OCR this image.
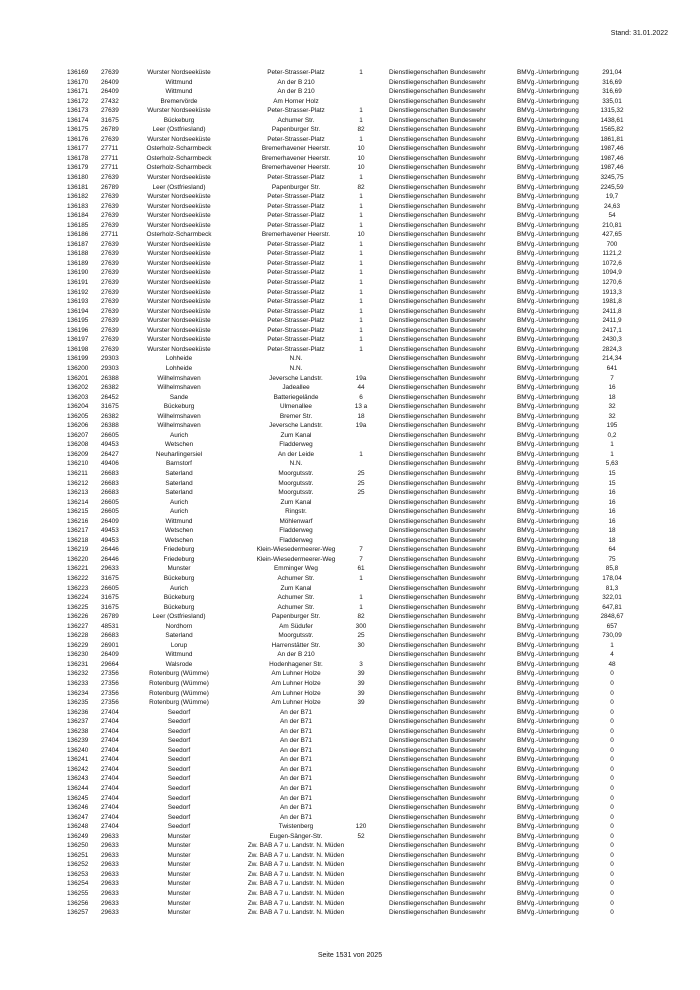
Stand: 31.01.2022
136169 27639	Wurster Nordseeküste	Peter-Strasser-Platz	1	Dienstliegenschaften Bundeswehr	BMVg.-Unterbringung	291,04
136170 26409	Wittmund	An der B 210	Dienstliegenschaften Bundeswehr	BMVg.-Unterbringung	316,69
136171 26409	Wittmund	An der B 210	Dienstliegenschaften Bundeswehr	BMVg.-Unterbringung	316,69
136172 27432	Bremervörde	Am Horner Holz	Dienstliegenschaften Bundeswehr	BMVg.-Unterbringung	335,01
136173 27639	Wurster Nordseeküste	Peter-Strasser-Platz	1	Dienstliegenschaften Bundeswehr	BMVg.-Unterbringung	1315,32
136174 31675	Bückeburg	Achumer Str.	1	Dienstliegenschaften Bundeswehr	BMVg.-Unterbringung	1438,61
136175 26789	Leer (Ostfriesland)	Papenburger Str.	82	Dienstliegenschaften Bundeswehr	BMVg.-Unterbringung	1565,82
136176 27639	Wurster Nordseeküste	Peter-Strasser-Platz	1	Dienstliegenschaften Bundeswehr	BMVg.-Unterbringung	1861,81
136177 27711	Osterholz-Scharmbeck	Bremerhavener Heerstr.	10	Dienstliegenschaften Bundeswehr	BMVg.-Unterbringung	1987,46
136178 27711	Osterholz-Scharmbeck	Bremerhavener Heerstr.	10	Dienstliegenschaften Bundeswehr	BMVg.-Unterbringung	1987,46
136179 27711	Osterholz-Scharmbeck	Bremerhavener Heerstr.	10	Dienstliegenschaften Bundeswehr	BMVg.-Unterbringung	1987,46
136180 27639	Wurster Nordseeküste	Peter-Strasser-Platz	1	Dienstliegenschaften Bundeswehr	BMVg.-Unterbringung	3245,75
136181 26789	Leer (Ostfriesland)	Papenburger Str.	82	Dienstliegenschaften Bundeswehr	BMVg.-Unterbringung	2245,59
136182 27639	Wurster Nordseeküste	Peter-Strasser-Platz	1	Dienstliegenschaften Bundeswehr	BMVg.-Unterbringung	19,7
136183 27639	Wurster Nordseeküste	Peter-Strasser-Platz	1	Dienstliegenschaften Bundeswehr	BMVg.-Unterbringung	24,63
136184 27639	Wurster Nordseeküste	Peter-Strasser-Platz	1	Dienstliegenschaften Bundeswehr	BMVg.-Unterbringung	54
136185 27639	Wurster Nordseeküste	Peter-Strasser-Platz	1	Dienstliegenschaften Bundeswehr	BMVg.-Unterbringung	210,81
136186 27711	Osterholz-Scharmbeck	Bremerhavener Heerstr.	10	Dienstliegenschaften Bundeswehr	BMVg.-Unterbringung	427,65
136187 27639	Wurster Nordseeküste	Peter-Strasser-Platz	1	Dienstliegenschaften Bundeswehr	BMVg.-Unterbringung	700
136188 27639	Wurster Nordseeküste	Peter-Strasser-Platz	1	Dienstliegenschaften Bundeswehr	BMVg.-Unterbringung	1121,2
136189 27639	Wurster Nordseeküste	Peter-Strasser-Platz	1	Dienstliegenschaften Bundeswehr	BMVg.-Unterbringung	1072,6
136190 27639	Wurster Nordseeküste	Peter-Strasser-Platz	1	Dienstliegenschaften Bundeswehr	BMVg.-Unterbringung	1094,9
136191 27639	Wurster Nordseeküste	Peter-Strasser-Platz	1	Dienstliegenschaften Bundeswehr	BMVg.-Unterbringung	1270,6
136192 27639	Wurster Nordseeküste	Peter-Strasser-Platz	1	Dienstliegenschaften Bundeswehr	BMVg.-Unterbringung	1913,3
136193 27639	Wurster Nordseeküste	Peter-Strasser-Platz	1	Dienstliegenschaften Bundeswehr	BMVg.-Unterbringung	1981,8
136194 27639	Wurster Nordseeküste	Peter-Strasser-Platz	1	Dienstliegenschaften Bundeswehr	BMVg.-Unterbringung	2411,8
136195 27639	Wurster Nordseeküste	Peter-Strasser-Platz	1	Dienstliegenschaften Bundeswehr	BMVg.-Unterbringung	2411,9
136196 27639	Wurster Nordseeküste	Peter-Strasser-Platz	1	Dienstliegenschaften Bundeswehr	BMVg.-Unterbringung	2417,1
136197 27639	Wurster Nordseeküste	Peter-Strasser-Platz	1	Dienstliegenschaften Bundeswehr	BMVg.-Unterbringung	2430,3
136198 27639	Wurster Nordseeküste	Peter-Strasser-Platz	1	Dienstliegenschaften Bundeswehr	BMVg.-Unterbringung	2824,3
136199 29303	Lohheide	N.N.	Dienstliegenschaften Bundeswehr	BMVg.-Unterbringung	214,34
136200 29303	Lohheide	N.N.	Dienstliegenschaften Bundeswehr	BMVg.-Unterbringung	641
136201 26388	Wilhelmshaven	Jeversche Landstr.	19a	Dienstliegenschaften Bundeswehr	BMVg.-Unterbringung	7
136202 26382	Wilhelmshaven	Jadeallee	44	Dienstliegenschaften Bundeswehr	BMVg.-Unterbringung	16
136203 26452	Sande	Batteriegelände	6	Dienstliegenschaften Bundeswehr	BMVg.-Unterbringung	18
136204 31675	Bückeburg	Ulmenallee	13 a	Dienstliegenschaften Bundeswehr	BMVg.-Unterbringung	32
136205 26382	Wilhelmshaven	Bremer Str.	18	Dienstliegenschaften Bundeswehr	BMVg.-Unterbringung	32
136206 26388	Wilhelmshaven	Jeversche Landstr.	19a	Dienstliegenschaften Bundeswehr	BMVg.-Unterbringung	195
136207 26605	Aurich	Zum Kanal	Dienstliegenschaften Bundeswehr	BMVg.-Unterbringung	0,2
136208 49453	Wetschen	Fladderweg	Dienstliegenschaften Bundeswehr	BMVg.-Unterbringung	1
136209 26427	Neuharlingersiel	An der Leide	1	Dienstliegenschaften Bundeswehr	BMVg.-Unterbringung	1
136210 49406	Barnstorf	N.N.	Dienstliegenschaften Bundeswehr	BMVg.-Unterbringung	5,63
136211 26683	Saterland	Moorgutsstr.	25	Dienstliegenschaften Bundeswehr	BMVg.-Unterbringung	15
136212 26683	Saterland	Moorgutsstr.	25	Dienstliegenschaften Bundeswehr	BMVg.-Unterbringung	15
136213 26683	Saterland	Moorgutsstr.	25	Dienstliegenschaften Bundeswehr	BMVg.-Unterbringung	16
136214 26605	Aurich	Zum Kanal	Dienstliegenschaften Bundeswehr	BMVg.-Unterbringung	16
136215 26605	Aurich	Ringstr.	Dienstliegenschaften Bundeswehr	BMVg.-Unterbringung	16
136216 26409	Wittmund	Möhlenwarf	Dienstliegenschaften Bundeswehr	BMVg.-Unterbringung	16
136217 49453	Wetschen	Fladderweg	Dienstliegenschaften Bundeswehr	BMVg.-Unterbringung	18
136218 49453	Wetschen	Fladderweg	Dienstliegenschaften Bundeswehr	BMVg.-Unterbringung	18
136219 26446	Friedeburg	Klein-Wiesedermeerer-Weg	7	Dienstliegenschaften Bundeswehr	BMVg.-Unterbringung	64
136220 26446	Friedeburg	Klein-Wiesedermeerer-Weg	7	Dienstliegenschaften Bundeswehr	BMVg.-Unterbringung	75
136221 29633	Munster	Emminger Weg	61	Dienstliegenschaften Bundeswehr	BMVg.-Unterbringung	85,8
136222 31675	Bückeburg	Achumer Str.	1	Dienstliegenschaften Bundeswehr	BMVg.-Unterbringung	178,04
136223 26605	Aurich	Zum Kanal	Dienstliegenschaften Bundeswehr	BMVg.-Unterbringung	81,3
136224 31675	Bückeburg	Achumer Str.	1	Dienstliegenschaften Bundeswehr	BMVg.-Unterbringung	322,01
136225 31675	Bückeburg	Achumer Str.	1	Dienstliegenschaften Bundeswehr	BMVg.-Unterbringung	647,81
136226 26789	Leer (Ostfriesland)	Papenburger Str.	82	Dienstliegenschaften Bundeswehr	BMVg.-Unterbringung	2848,67
136227 48531	Nordhorn	Am Südufer	300	Dienstliegenschaften Bundeswehr	BMVg.-Unterbringung	657
136228 26683	Saterland	Moorgutsstr.	25	Dienstliegenschaften Bundeswehr	BMVg.-Unterbringung	730,09
136229 26901	Lorup	Harrenstätter Str.	30	Dienstliegenschaften Bundeswehr	BMVg.-Unterbringung	1
136230 26409	Wittmund	An der B 210	Dienstliegenschaften Bundeswehr	BMVg.-Unterbringung	4
136231 29664	Walsrode	Hodenhagener Str.	3	Dienstliegenschaften Bundeswehr	BMVg.-Unterbringung	48
136232 27356	Rotenburg (Wümme)	Am Luhner Holze	39	Dienstliegenschaften Bundeswehr	BMVg.-Unterbringung	0
136233 27356	Rotenburg (Wümme)	Am Luhner Holze	39	Dienstliegenschaften Bundeswehr	BMVg.-Unterbringung	0
136234 27356	Rotenburg (Wümme)	Am Luhner Holze	39	Dienstliegenschaften Bundeswehr	BMVg.-Unterbringung	0
136235 27356	Rotenburg (Wümme)	Am Luhner Holze	39	Dienstliegenschaften Bundeswehr	BMVg.-Unterbringung	0
136236 27404	Seedorf	An der B71	Dienstliegenschaften Bundeswehr	BMVg.-Unterbringung	0
136237 27404	Seedorf	An der B71	Dienstliegenschaften Bundeswehr	BMVg.-Unterbringung	0
136238 27404	Seedorf	An der B71	Dienstliegenschaften Bundeswehr	BMVg.-Unterbringung	0
136239 27404	Seedorf	An der B71	Dienstliegenschaften Bundeswehr	BMVg.-Unterbringung	0
136240 27404	Seedorf	An der B71	Dienstliegenschaften Bundeswehr	BMVg.-Unterbringung	0
136241 27404	Seedorf	An der B71	Dienstliegenschaften Bundeswehr	BMVg.-Unterbringung	0
136242 27404	Seedorf	An der B71	Dienstliegenschaften Bundeswehr	BMVg.-Unterbringung	0
136243 27404	Seedorf	An der B71	Dienstliegenschaften Bundeswehr	BMVg.-Unterbringung	0
136244 27404	Seedorf	An der B71	Dienstliegenschaften Bundeswehr	BMVg.-Unterbringung	0
136245 27404	Seedorf	An der B71	Dienstliegenschaften Bundeswehr	BMVg.-Unterbringung	0
136246 27404	Seedorf	An der B71	Dienstliegenschaften Bundeswehr	BMVg.-Unterbringung	0
136247 27404	Seedorf	An der B71	Dienstliegenschaften Bundeswehr	BMVg.-Unterbringung	0
136248 27404	Seedorf	Twistenberg	120	Dienstliegenschaften Bundeswehr	BMVg.-Unterbringung	0
136249 29633	Munster	Eugen-Sänger-Str.	52	Dienstliegenschaften Bundeswehr	BMVg.-Unterbringung	0
136250 29633	Munster	Zw. BAB A 7 u. Landstr. N. Müden	Dienstliegenschaften Bundeswehr	BMVg.-Unterbringung	0
136251 29633	Munster	Zw. BAB A 7 u. Landstr. N. Müden	Dienstliegenschaften Bundeswehr	BMVg.-Unterbringung	0
136252 29633	Munster	Zw. BAB A 7 u. Landstr. N. Müden	Dienstliegenschaften Bundeswehr	BMVg.-Unterbringung	0
136253 29633	Munster	Zw. BAB A 7 u. Landstr. N. Müden	Dienstliegenschaften Bundeswehr	BMVg.-Unterbringung	0
136254 29633	Munster	Zw. BAB A 7 u. Landstr. N. Müden	Dienstliegenschaften Bundeswehr	BMVg.-Unterbringung	0
136255 29633	Munster	Zw. BAB A 7 u. Landstr. N. Müden	Dienstliegenschaften Bundeswehr	BMVg.-Unterbringung	0
136256 29633	Munster	Zw. BAB A 7 u. Landstr. N. Müden	Dienstliegenschaften Bundeswehr	BMVg.-Unterbringung	0
136257 29633	Munster	Zw. BAB A 7 u. Landstr. N. Müden	Dienstliegenschaften Bundeswehr	BMVg.-Unterbringung	0
Seite 1531 von 2025
